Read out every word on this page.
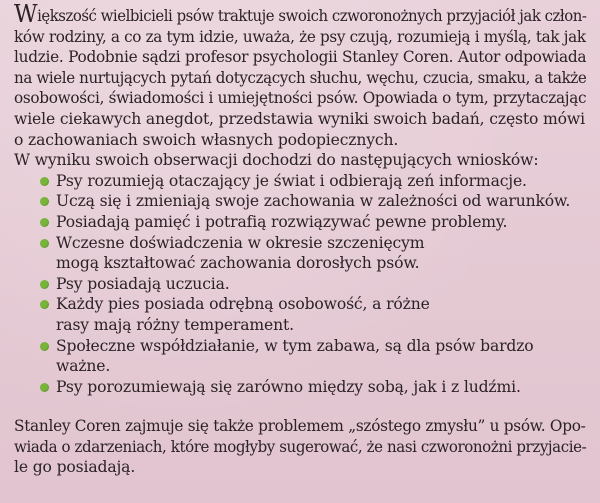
Większość wielbicieli psów traktuje swoich czworonożnych przyjaciół jak człon-
ków rodziny, a co za tym idzie, uważa, że psy czują, rozumieją i myślą, tak jak
ludzie. Podobnie sądzi profesor psychologii Stanley Coren. Autor odpowiada
na wiele nurtujących pytań dotyczących słuchu, węchu, czucia, smaku, a także
osobowości, świadomości i umiejętności psów. Opowiada o tym, przytaczając
wiele ciekawych anegdot, przedstawia wyniki swoich badań, często mówi
o zachowaniach swoich własnych podopiecznych.

W wyniku swoich obserwacji dochodzi do następujących wniosków:

Psy rozumieją otaczający je świat i odbierają zeń informacje.
Uczą się i zmieniają swoje zachowania w zależności od warunków.
Posiadają pamięć i potrafią rozwiązywać pewne problemy.
Wczesne doświadczenia w okresie szczenięcym mogą kształtować zachowania dorosłych psów.
Psy posiadają uczucia.
Każdy pies posiada odrębną osobowość, a różne rasy mają różny temperament.
Społeczne współdziałanie, w tym zabawa, są dla psów bardzo ważne.
Psy porozumiewają się zarówno między sobą, jak i z ludźmi.
Stanley Coren zajmuje się także problemem „szóstego zmysłu” u psów. Opo-
wiada o zdarzeniach, które mogłyby sugerować, że nasi czworonożni przyjacie-
le go posiadają.
